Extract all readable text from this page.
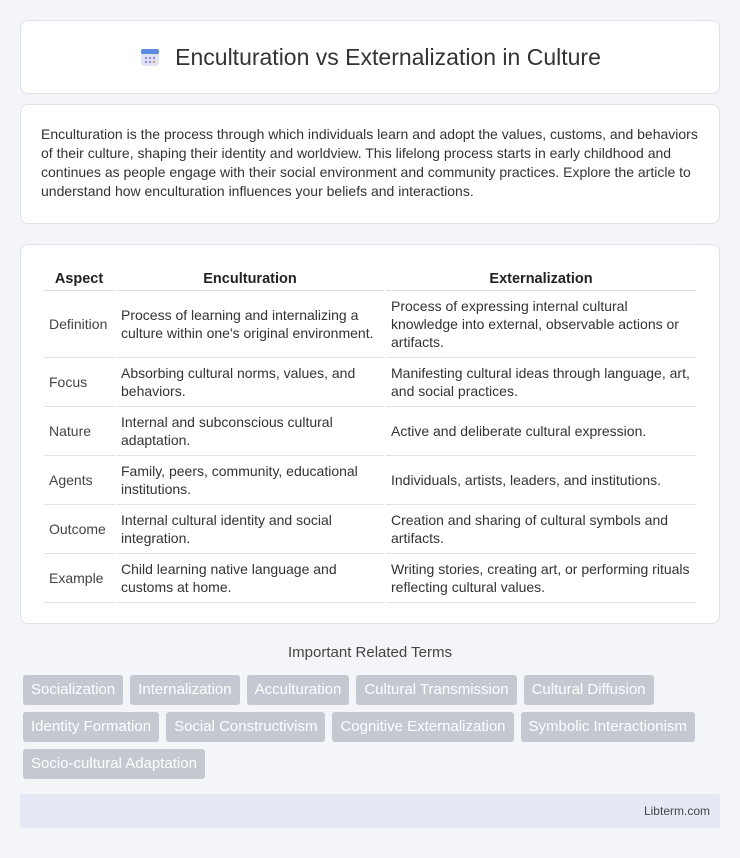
Enculturation vs Externalization in Culture

Enculturation is the process through which individuals learn and adopt the values, customs, and behaviors of their culture, shaping their identity and worldview. This lifelong process starts in early childhood and continues as people engage with their social environment and community practices. Explore the article to understand how enculturation influences your beliefs and interactions.

Aspect	Enculturation	Externalization
Definition	Process of learning and internalizing a culture within one's original environment.	Process of expressing internal cultural knowledge into external, observable actions or artifacts.
Focus	Absorbing cultural norms, values, and behaviors.	Manifesting cultural ideas through language, art, and social practices.
Nature	Internal and subconscious cultural adaptation.	Active and deliberate cultural expression.
Agents	Family, peers, community, educational institutions.	Individuals, artists, leaders, and institutions.
Outcome	Internal cultural identity and social integration.	Creation and sharing of cultural symbols and artifacts.
Example	Child learning native language and customs at home.	Writing stories, creating art, or performing rituals reflecting cultural values.
Important Related Terms
Socialization	Internalization	Acculturation	Cultural Transmission	Cultural Diffusion
Identity Formation	Social Constructivism	Cognitive Externalization	Symbolic Interactionism
Socio-cultural Adaptation
Libterm.com
